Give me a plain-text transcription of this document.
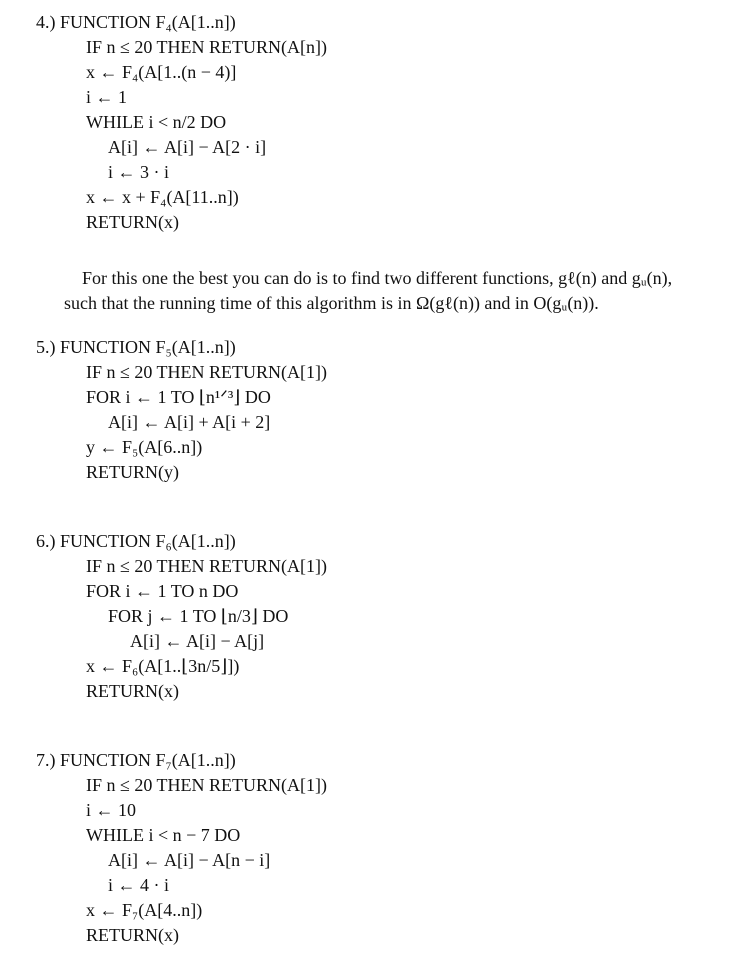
4.) FUNCTION F₄(A[1..n])
IF n ≤ 20 THEN RETURN(A[n])
x ← F₄(A[1..(n − 4)]
i ← 1
WHILE i < n/2 DO
A[i] ← A[i] − A[2 · i]
i ← 3 · i
x ← x + F₄(A[11..n])
RETURN(x)
For this one the best you can do is to find two different functions, gℓ(n) and gᵤ(n),
such that the running time of this algorithm is in Ω(gℓ(n)) and in O(gᵤ(n)).
5.) FUNCTION F₅(A[1..n])
IF n ≤ 20 THEN RETURN(A[1])
FOR i ← 1 TO ⌊n¹ᐟ³⌋ DO
A[i] ← A[i] + A[i + 2]
y ← F₅(A[6..n])
RETURN(y)
6.) FUNCTION F₆(A[1..n])
IF n ≤ 20 THEN RETURN(A[1])
FOR i ← 1 TO n DO
FOR j ← 1 TO ⌊n/3⌋ DO
A[i] ← A[i] − A[j]
x ← F₆(A[1..⌊3n/5⌋])
RETURN(x)
7.) FUNCTION F₇(A[1..n])
IF n ≤ 20 THEN RETURN(A[1])
i ← 10
WHILE i < n − 7 DO
A[i] ← A[i] − A[n − i]
i ← 4 · i
x ← F₇(A[4..n])
RETURN(x)
